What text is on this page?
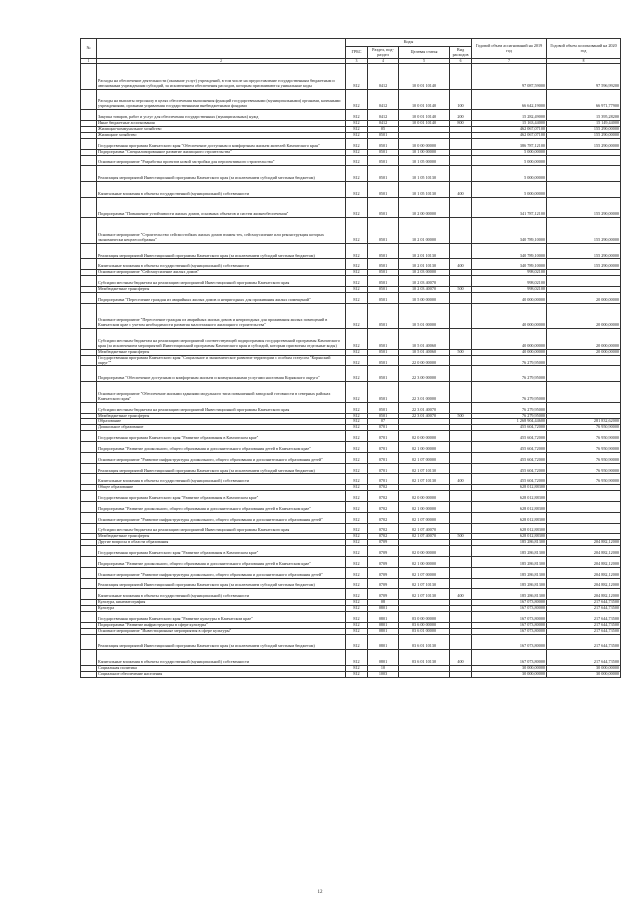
№		Коды				Годовой объем ассигнований на 2019 год	Годовой объем ассигнований на 2020 год
		ГРБС	Раздел, под-раздел	Целевая статья	Вид расходов		
1	2	3	4	5	6	7	8
	Расходы на обеспечение деятельности (оказание услуг) учреждений, в том числе на предоставление государственным бюджетным и автономным учреждениям субсидий, за исключением обеспечения расходов, которым присваиваются уникальные коды	812	0412	10 0 01 10140		97 087,59000	97 596,99200
	Расходы на выплаты персоналу в целях обеспечения выполнения функций государственными (муниципальными) органами, казенными учреждениями, органами управления государственными внебюджетными фондами	812	0412	10 0 01 10140	100	66 642,19000	66 971,77900
	Закупка товаров, работ и услуг для обеспечения государственных (муниципальных) нужд	812	0412	10 0 01 10140	200	15 282,49000	15 395,28200
	Иные бюджетные ассигнования	812	0412	10 0 01 10140	800	15 163,44000	15 149,44000
	Жилищно-коммунальное хозяйство	812	05			462 067,07100	155 290,00000
	Жилищное хозяйство	812	0501			462 067,07100	155 290,00000
	Государственная программа Камчатского края "Обеспечение доступным и комфортным жильем жителей Камчатского края"	812	0501	10 0 00 00000		386 787,12100	155 290,00000
	Подпрограмма "Специализированное развитие жилищного строительства"	812	0501	10 1 00 00000		5 000,00000	
	Основное мероприятие "Разработка проектов новой застройки для перспективного строительства"	812	0501	10 1 05 00000		5 000,00000	
	Реализация мероприятий Инвестиционной программы Камчатского края (за исключением субсидий местным бюджетам)	812	0501	10 1 05 10130		5 000,00000	
	Капитальные вложения в объекты государственной (муниципальной) собственности	812	0501	10 1 05 10130	400	5 000,00000	
	Подпрограмма "Повышение устойчивости жилых домов, основных объектов и систем жизнеобеспечения"	812	0501	10 2 00 00000		341 787,12100	155 290,00000
	Основное мероприятие "Строительство сейсмостойких жилых домов взамен тех, сейсмоусиление или реконструкция которых экономически нецелесообразны"	812	0501	10 2 01 00000		340 789,10000	155 290,00000
	Реализация мероприятий Инвестиционной программы Камчатского края (за исключением субсидий местным бюджетам)	812	0501	10 2 01 10130		340 789,10000	155 290,00000
	Капитальные вложения в объекты государственной (муниципальной) собственности	812	0501	10 2 01 10130	400	340 789,10000	155 290,00000
	Основное мероприятие "Сейсмоусиление жилых домов"	812	0501	10 2 03 00000		998,02100	
	Субсидии местным бюджетам на реализацию мероприятий Инвестиционной программы Камчатского края	812	0501	10 2 03 40070		998,02100	
	Межбюджетные трансферты	812	0501	10 2 03 40070	500	998,02100	
	Подпрограмма "Переселение граждан из аварийных жилых домов и непригодных для проживания жилых помещений"	812	0501	10 5 00 00000		40 000,00000	20 000,00000
	Основное мероприятие "Переселение граждан из аварийных жилых домов и непригодных для проживания жилых помещений в Камчатском крае с учетом необходимости развития малоэтажного жилищного строительства"	812	0501	10 5 01 00000		40 000,00000	20 000,00000
	Субсидии местным бюджетам на реализацию мероприятий соответствующей подпрограммы государственной программы Камчатского края (за исключением мероприятий Инвестиционной программы Камчатского края и субсидий, которым присвоены отдельные коды)	812	0501	10 5 01 40060		40 000,00000	20 000,00000
	Межбюджетные трансферты	812	0501	10 5 01 40060	500	40 000,00000	20 000,00000
	Государственная программа Камчатского края "Социальное и экономическое развитие территории с особым статусом "Корякский округ""	812	0501	22 0 00 00000		76 279,95000	
	Подпрограмма "Обеспечение доступным и комфортным жильем и коммунальными услугами населения Корякского округа"	812	0501	22 3 00 00000		76 279,95000	
	Основное мероприятие "Обеспечение жилыми зданиями модульного типа повышенной заводской готовности в северных районах Камчатского края"	812	0501	22 3 01 00000		76 279,95000	
	Субсидии местным бюджетам на реализацию мероприятий Инвестиционной программы Камчатского края	812	0501	22 3 01 40070		76 279,95000	
	Межбюджетные трансферты	812	0501	22 3 01 40070	500	76 279,95000	
	Образование	812	07			1 268 904,44600	281 832,62000
	Дошкольное образование	812	0701			455 604,72000	76 950,90000
	Государственная программа Камчатского края "Развитие образования в Камчатском крае"	812	0701	02 0 00 00000		455 604,72000	76 950,90000
	Подпрограмма "Развитие дошкольного, общего образования и дополнительного образования детей в Камчатском крае"	812	0701	02 1 00 00000		455 604,72000	76 950,90000
	Основное мероприятие "Развитие инфраструктуры дошкольного, общего образования и дополнительного образования детей"	812	0701	02 1 07 00000		455 604,72000	76 950,90000
	Реализация мероприятий Инвестиционной программы Камчатского края (за исключением субсидий местным бюджетам)	812	0701	02 1 07 10130		455 604,72000	76 950,90000
	Капитальные вложения в объекты государственной (муниципальной) собственности	812	0701	02 1 07 10130	400	455 604,72000	76 950,90000
	Общее образование	812	0702			628 012,88300	
	Государственная программа Камчатского края "Развитие образования в Камчатском крае"	812	0702	02 0 00 00000		628 012,88300	
	Подпрограмма "Развитие дошкольного, общего образования и дополнительного образования детей в Камчатском крае"	812	0702	02 1 00 00000		628 012,88300	
	Основное мероприятие "Развитие инфраструктуры дошкольного, общего образования и дополнительного образования детей"	812	0702	02 1 07 00000		628 012,88300	
	Субсидии местным бюджетам на реализацию мероприятий Инвестиционной программы Камчатского края	812	0702	02 1 07 40070		628 012,88300	
	Межбюджетные трансферты	812	0702	02 1 07 40070	500	628 012,88300	
	Другие вопросы в области образования	812	0709			185 286,81300	204 882,12000
	Государственная программа Камчатского края "Развитие образования в Камчатском крае"	812	0709	02 0 00 00000		185 286,81300	204 882,12000
	Подпрограмма "Развитие дошкольного, общего образования и дополнительного образования детей в Камчатском крае"	812	0709	02 1 00 00000		185 286,81300	204 882,12000
	Основное мероприятие "Развитие инфраструктуры дошкольного, общего образования и дополнительного образования детей"	812	0709	02 1 07 00000		185 286,81300	204 882,12000
	Реализация мероприятий Инвестиционной программы Камчатского края (за исключением субсидий местным бюджетам)	812	0709	02 1 07 10130		185 286,81300	204 882,12000
	Капитальные вложения в объекты государственной (муниципальной) собственности	812	0709	02 1 07 10130	400	185 286,81300	204 882,12000
	Культура, кинематография	812	08			167 073,80000	217 644,73500
	Культура	812	0801			167 073,80000	217 644,73500
	Государственная программа Камчатского края "Развитие культуры в Камчатском крае"	812	0801	03 0 00 00000		167 073,80000	217 644,73500
	Подпрограмма "Развитие инфраструктуры в сфере культуры"	812	0801	03 6 00 00000		167 073,80000	217 644,73500
	Основное мероприятие "Инвестиционные мероприятия в сфере культуры"	812	0801	03 6 01 00000		167 073,80000	217 644,73500
	Реализация мероприятий Инвестиционной программы Камчатского края (за исключением субсидий местным бюджетам)	812	0801	03 6 01 10130		167 073,80000	217 644,73500
	Капитальные вложения в объекты государственной (муниципальной) собственности	812	0801	03 6 01 10130	400	167 073,80000	217 644,73500
	Социальная политика	812	10			30 000,00000	30 000,00000
	Социальное обеспечение населения	812	1003			30 000,00000	30 000,00000
12
